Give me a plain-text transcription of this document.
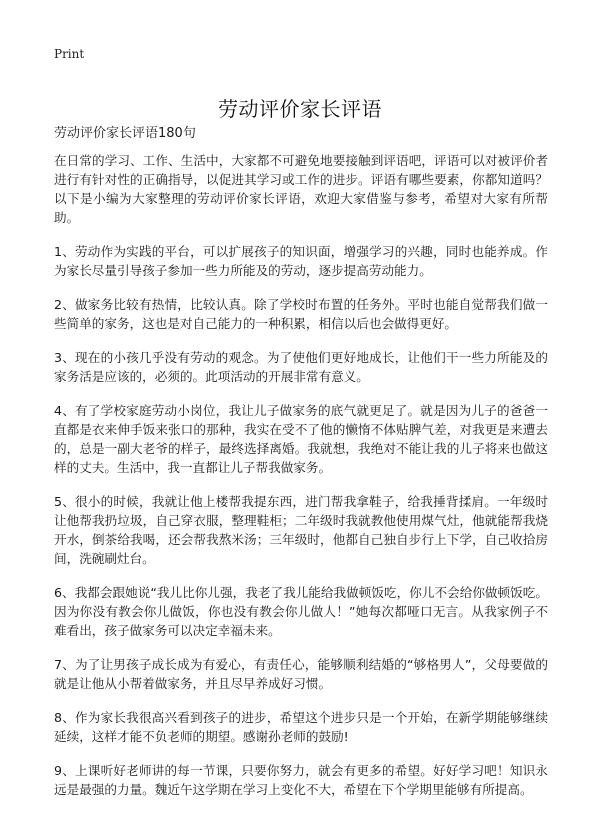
Print
劳动评价家长评语
劳动评价家长评语180句

在日常的学习、工作、生活中，大家都不可避免地要接触到评语吧，评语可以对被评价者进行有针对性的正确指导，以促进其学习或工作的进步。评语有哪些要素，你都知道吗？以下是小编为大家整理的劳动评价家长评语，欢迎大家借鉴与参考，希望对大家有所帮助。

1、劳动作为实践的平台，可以扩展孩子的知识面，增强学习的兴趣，同时也能养成。作为家长尽量引导孩子参加一些力所能及的劳动，逐步提高劳动能力。

2、做家务比较有热情，比较认真。除了学校时布置的任务外。平时也能自觉帮我们做一些简单的家务，这也是对自己能力的一种积累，相信以后也会做得更好。

3、现在的小孩几乎没有劳动的观念。为了使他们更好地成长，让他们干一些力所能及的家务活是应该的，必须的。此项活动的开展非常有意义。

4、有了学校家庭劳动小岗位，我让儿子做家务的底气就更足了。就是因为儿子的爸爸一直都是衣来伸手饭来张口的那种，我实在受不了他的懒惰不体贴脾气差，对我更是来遭去的，总是一副大老爷的样子，最终选择离婚。我就想，我绝对不能让我的儿子将来也做这样的丈夫。生活中，我一直都让儿子帮我做家务。

5、很小的时候，我就让他上楼帮我提东西，进门帮我拿鞋子，给我捶背揉肩。一年级时让他帮我扔垃圾，自己穿衣服，整理鞋柜；二年级时我就教他使用煤气灶，他就能帮我烧开水，倒茶给我喝，还会帮我熬米汤；三年级时，他都自己独自步行上下学，自己收拾房间，洗碗刷灶台。

6、我都会跟她说“我儿比你儿强，我老了我儿能给我做顿饭吃，你儿不会给你做顿饭吃。因为你没有教会你儿做饭，你也没有教会你儿做人！”她每次都哑口无言。从我家例子不难看出，孩子做家务可以决定幸福未来。

7、为了让男孩子成长成为有爱心，有责任心，能够顺利结婚的“够格男人”，父母要做的就是让他从小帮着做家务，并且尽早养成好习惯。

8、作为家长我很高兴看到孩子的进步，希望这个进步只是一个开始，在新学期能够继续延续，这样才能不负老师的期望。感谢孙老师的鼓励!

9、上课听好老师讲的每一节课，只要你努力，就会有更多的希望。好好学习吧！知识永远是最强的力量。魏近午这学期在学习上变化不大，希望在下个学期里能够有所提高。
